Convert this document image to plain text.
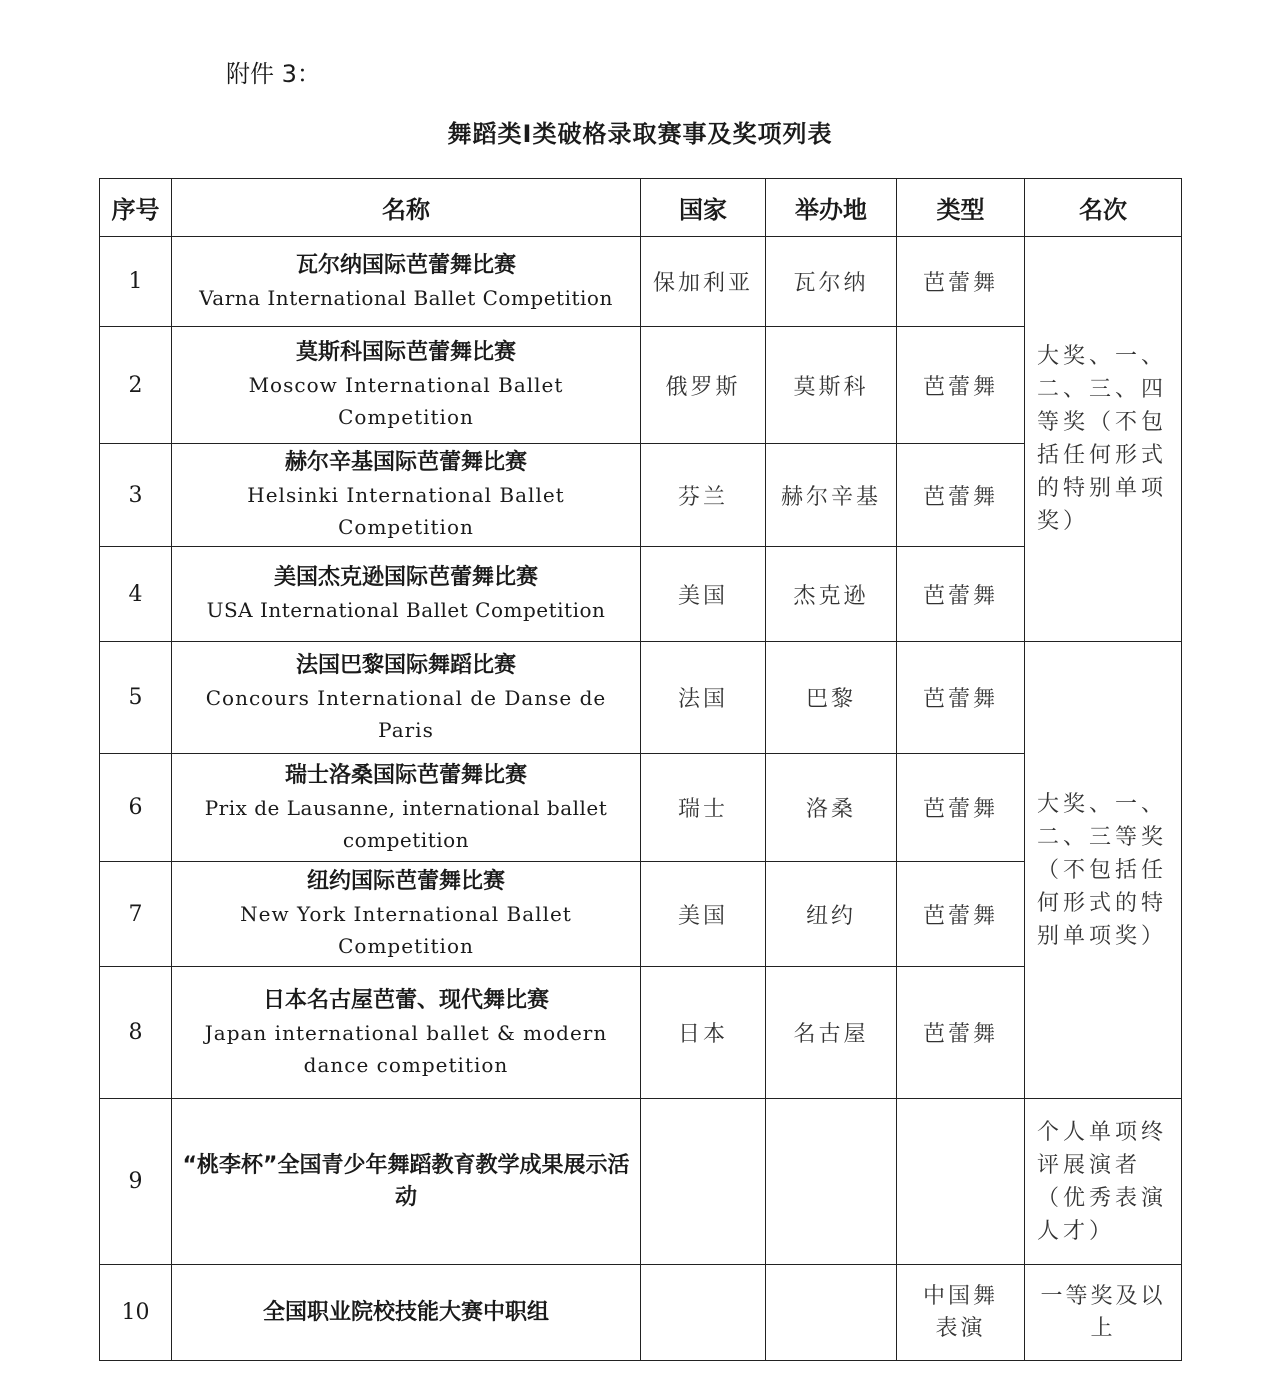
附件 3：
舞蹈类Ⅰ类破格录取赛事及奖项列表
序号	名称	国家	举办地	类型	名次
1	瓦尔纳国际芭蕾舞比赛
Varna International Ballet Competition	保加利亚	瓦尔纳	芭蕾舞	大奖、一、二、三、四等奖（不包括任何形式的特别单项奖）
2	莫斯科国际芭蕾舞比赛
Moscow International Ballet Competition	俄罗斯	莫斯科	芭蕾舞	
3	赫尔辛基国际芭蕾舞比赛
Helsinki International Ballet Competition	芬兰	赫尔辛基	芭蕾舞	
4	美国杰克逊国际芭蕾舞比赛
USA International Ballet Competition	美国	杰克逊	芭蕾舞	
5	法国巴黎国际舞蹈比赛
Concours International de Danse de Paris	法国	巴黎	芭蕾舞	大奖、一、二、三等奖（不包括任何形式的特别单项奖）
6	瑞士洛桑国际芭蕾舞比赛
Prix de Lausanne, international ballet competition	瑞士	洛桑	芭蕾舞	
7	纽约国际芭蕾舞比赛
New York International Ballet Competition	美国	纽约	芭蕾舞	
8	日本名古屋芭蕾、现代舞比赛
Japan international ballet & modern dance competition	日本	名古屋	芭蕾舞	
9	“桃李杯”全国青少年舞蹈教育教学成果展示活动				个人单项终评展演者（优秀表演人才）
10	全国职业院校技能大赛中职组			中国舞表演	一等奖及以上
